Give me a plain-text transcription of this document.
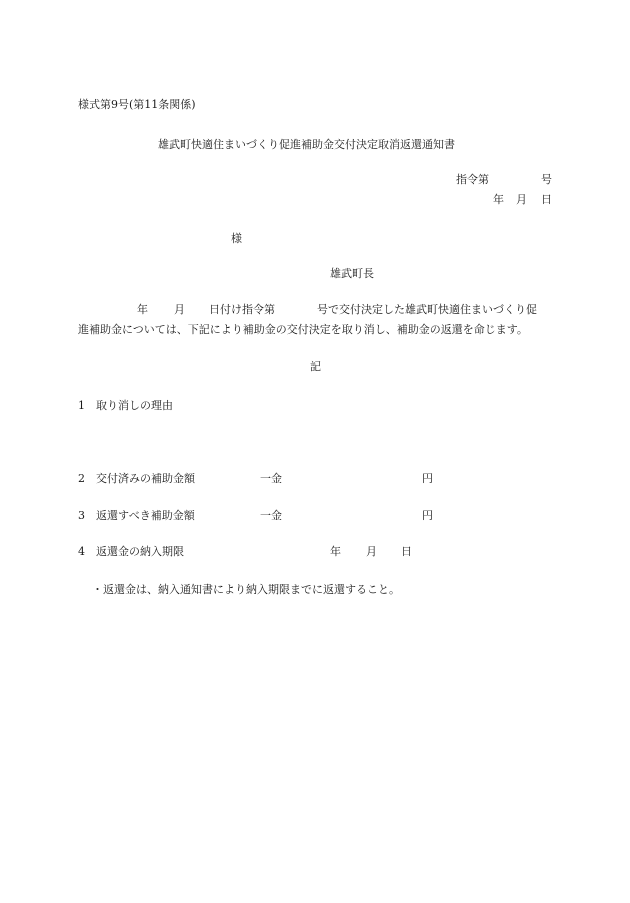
様式第9号(第11条関係)
雄武町快適住まいづくり促進補助金交付決定取消返還通知書
指令第	号
年 月 日
様
雄武町長
年 月 日付け指令第	号で交付決定した雄武町快適住まいづくり促
進補助金については、下記により補助金の交付決定を取り消し、補助金の返還を命じます。
記
1 取り消しの理由
2 交付済みの補助金額	一金	円
3 返還すべき補助金額	一金	円
4 返還金の納入期限	年 月 日
・返還金は、納入通知書により納入期限までに返還すること。
